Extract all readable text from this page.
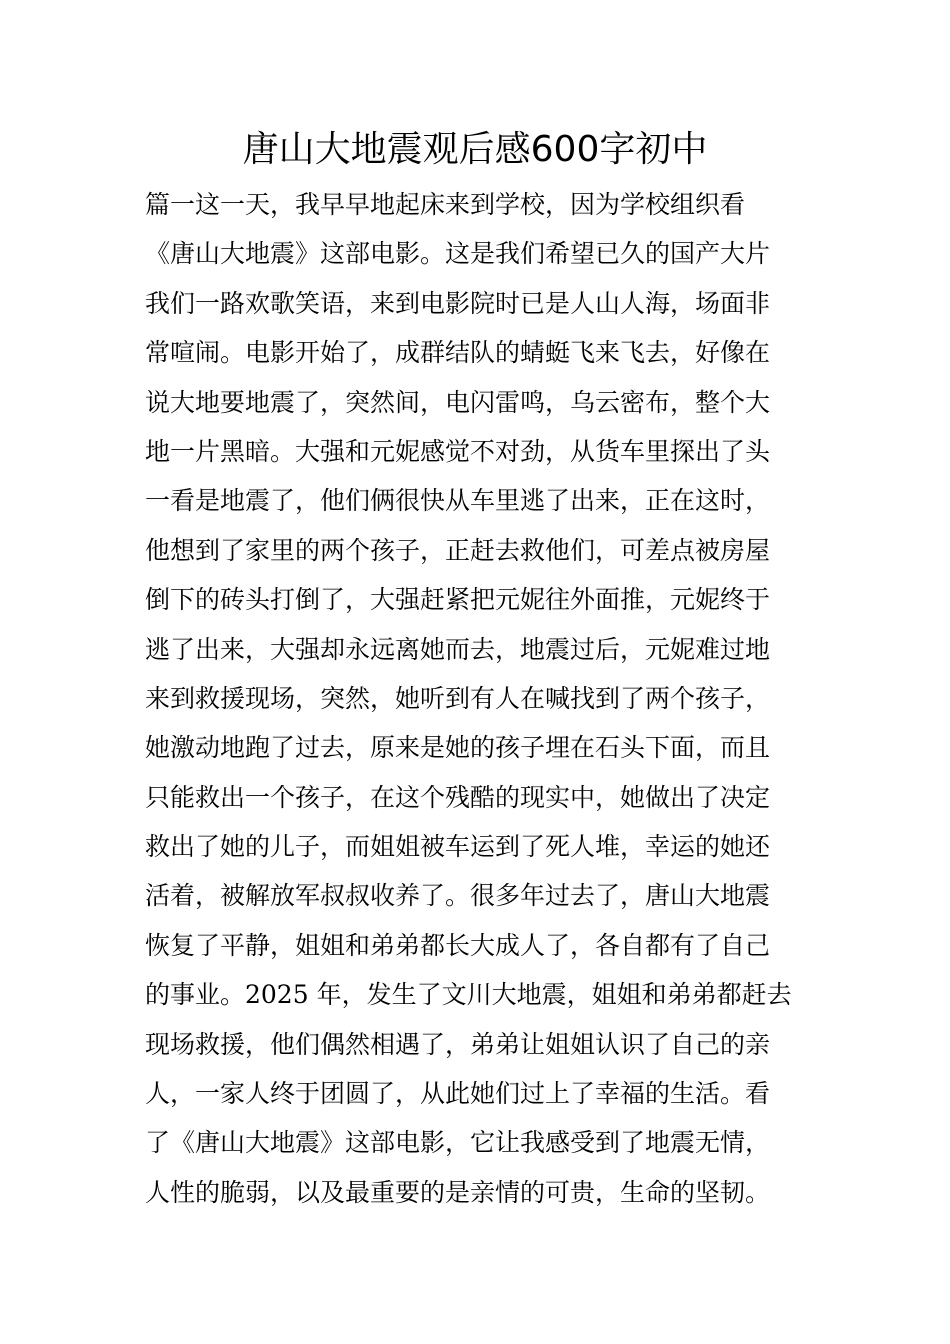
唐山大地震观后感600字初中
篇一这一天，我早早地起床来到学校，因为学校组织看
《唐山大地震》这部电影。这是我们希望已久的国产大片
我们一路欢歌笑语，来到电影院时已是人山人海，场面非
常喧闹。电影开始了，成群结队的蜻蜓飞来飞去，好像在
说大地要地震了，突然间，电闪雷鸣，乌云密布，整个大
地一片黑暗。大强和元妮感觉不对劲，从货车里探出了头
一看是地震了，他们俩很快从车里逃了出来，正在这时，
他想到了家里的两个孩子，正赶去救他们，可差点被房屋
倒下的砖头打倒了，大强赶紧把元妮往外面推，元妮终于
逃了出来，大强却永远离她而去，地震过后，元妮难过地
来到救援现场，突然，她听到有人在喊找到了两个孩子，
她激动地跑了过去，原来是她的孩子埋在石头下面，而且
只能救出一个孩子，在这个残酷的现实中，她做出了决定
救出了她的儿子，而姐姐被车运到了死人堆，幸运的她还
活着，被解放军叔叔收养了。很多年过去了，唐山大地震
恢复了平静，姐姐和弟弟都长大成人了，各自都有了自己
的事业。2025 年，发生了文川大地震，姐姐和弟弟都赶去
现场救援，他们偶然相遇了，弟弟让姐姐认识了自己的亲
人，一家人终于团圆了，从此她们过上了幸福的生活。看
了《唐山大地震》这部电影，它让我感受到了地震无情，
人性的脆弱，以及最重要的是亲情的可贵，生命的坚韧。
